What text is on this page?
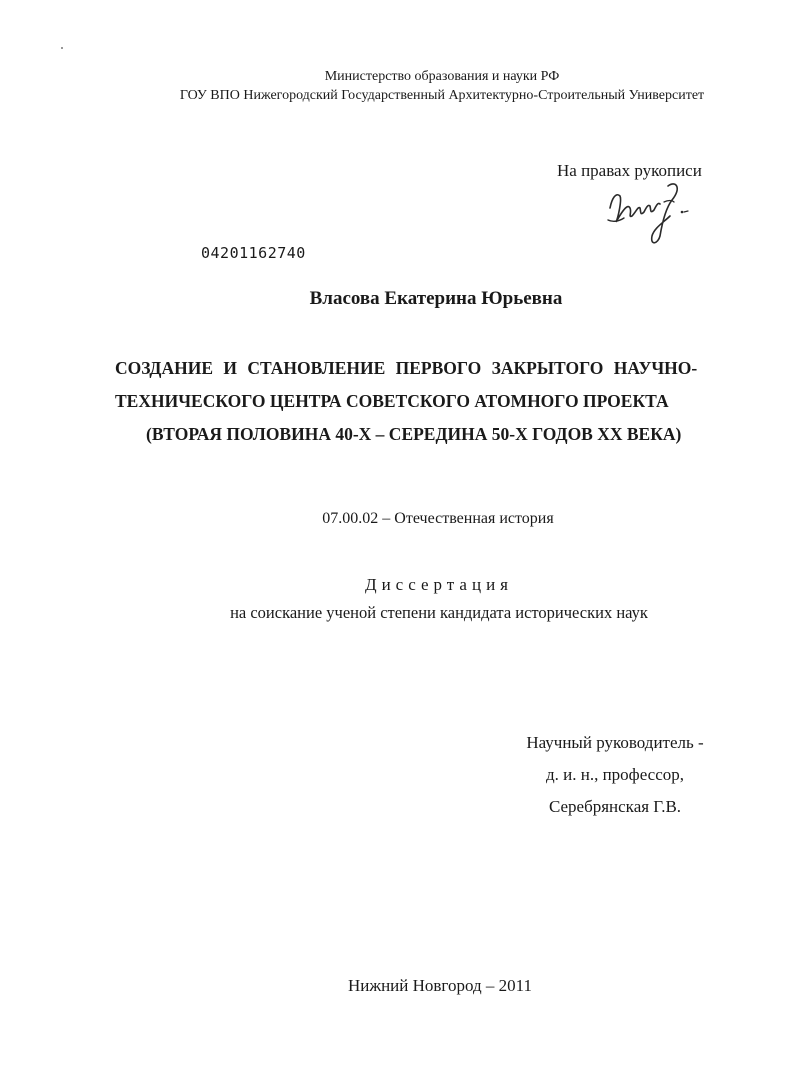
Министерство образования и науки РФ
ГОУ ВПО Нижегородский Государственный Архитектурно-Строительный Университет
На правах рукописи
04201162740
Власова Екатерина Юрьевна
СОЗДАНИЕ И СТАНОВЛЕНИЕ ПЕРВОГО ЗАКРЫТОГО НАУЧНО-
ТЕХНИЧЕСКОГО ЦЕНТРА СОВЕТСКОГО АТОМНОГО ПРОЕКТА
(ВТОРАЯ ПОЛОВИНА 40-Х – СЕРЕДИНА 50-Х ГОДОВ ХХ ВЕКА)
07.00.02 – Отечественная история
Диссертация
на соискание ученой степени кандидата исторических наук
Научный руководитель -
д. и. н., профессор,
Серебрянская Г.В.
Нижний Новгород – 2011
